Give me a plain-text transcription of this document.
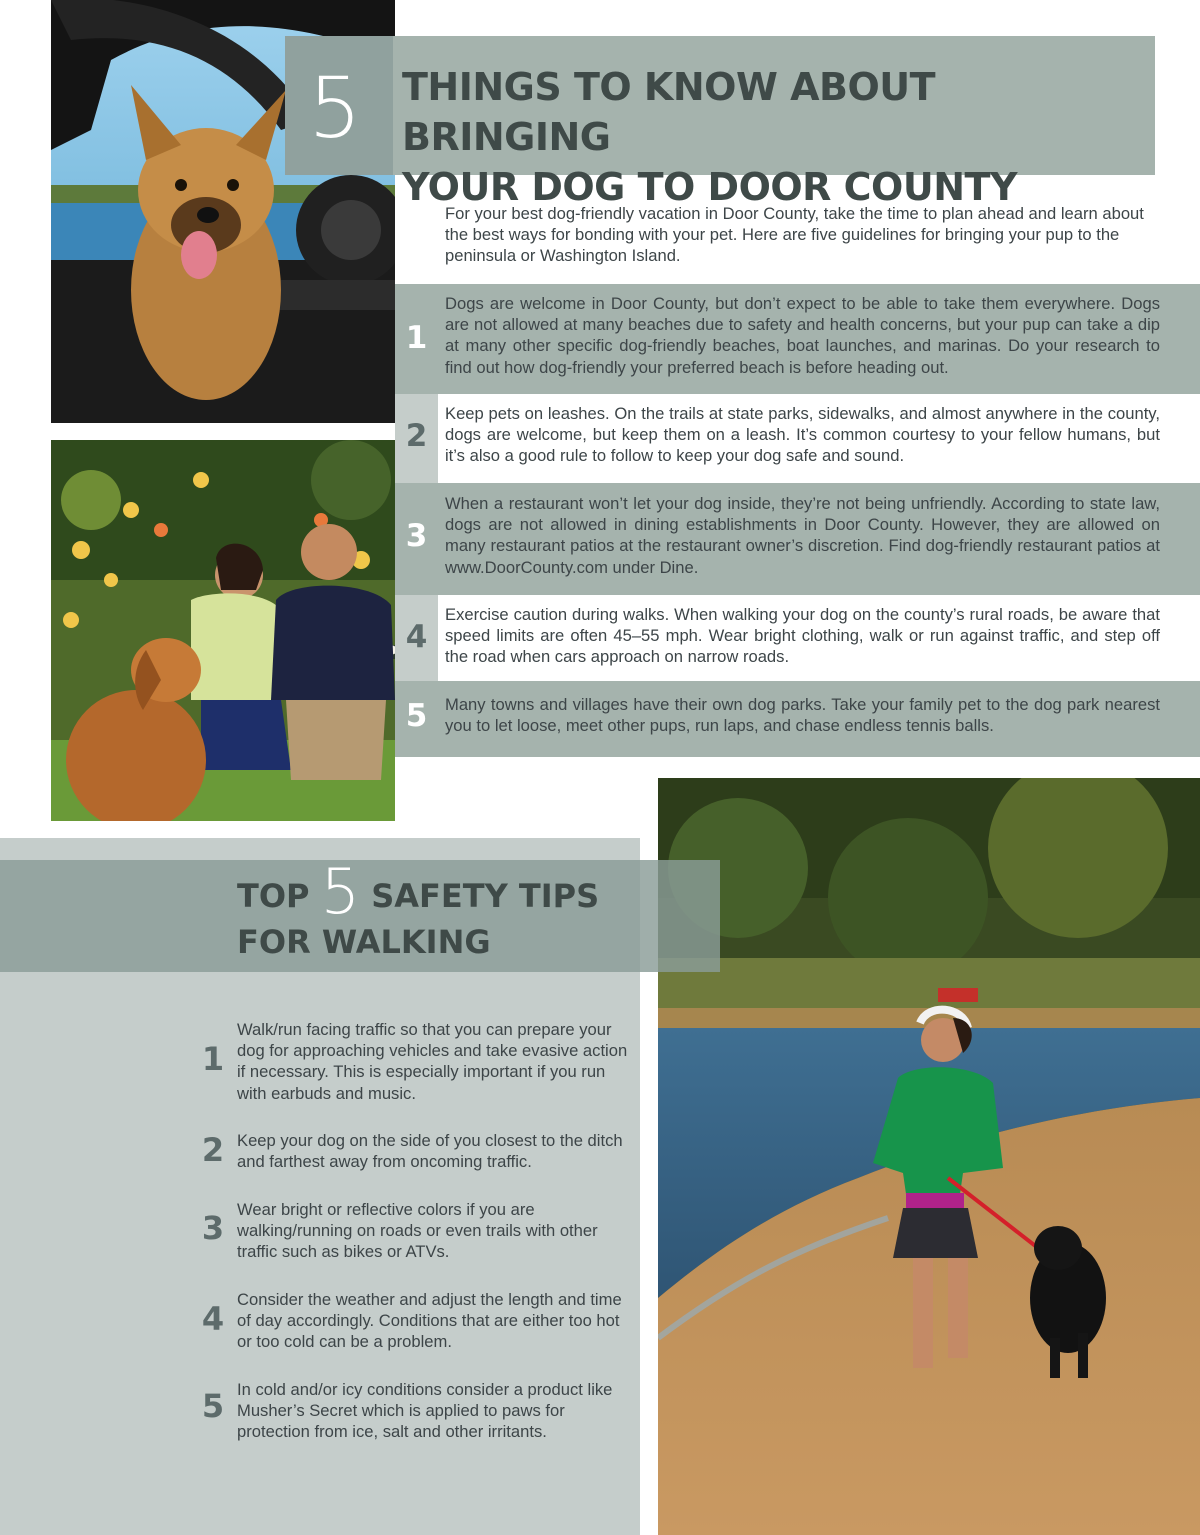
5	THINGS TO KNOW ABOUT BRINGING
YOUR DOG TO DOOR COUNTY
For your best dog-friendly vacation in Door County, take the time to plan ahead and learn about the best ways for bonding with your pet. Here are five guidelines for bringing your pup to the peninsula or Washington Island.
1
Dogs are welcome in Door County, but don’t expect to be able to take them everywhere. Dogs are not allowed at many beaches due to safety and health concerns, but your pup can take a dip at many other specific dog-friendly beaches, boat launches, and marinas. Do your research to find out how dog-friendly your preferred beach is before heading out.
2
Keep pets on leashes. On the trails at state parks, sidewalks, and almost anywhere in the county, dogs are welcome, but keep them on a leash. It’s common courtesy to your fellow humans, but it’s also a good rule to follow to keep your dog safe and sound.
3
When a restaurant won’t let your dog inside, they’re not being unfriendly. According to state law, dogs are not allowed in dining establishments in Door County. However, they are allowed on many restaurant patios at the restaurant owner’s discretion. Find dog-friendly restaurant patios at www.DoorCounty.com under Dine.
4
Exercise caution during walks. When walking your dog on the county’s rural roads, be aware that speed limits are often 45–55 mph. Wear bright clothing, walk or run against traffic, and step off the road when cars approach on narrow roads.
5	Many towns and villages have their own dog parks. Take your family pet to the dog park nearest you to let loose, meet other pups, run laps, and chase endless tennis balls.
TOP 5 SAFETY TIPS
FOR WALKING
1
Walk/run facing traffic so that you can prepare your dog for approaching vehicles and take evasive action if necessary. This is especially important if you run with earbuds and music.
2 Keep your dog on the side of you closest to the ditch and farthest away from oncoming traffic.
3 Wear bright or reflective colors if you are walking/running on roads or even trails with other traffic such as bikes or ATVs.
4
Consider the weather and adjust the length and time of day accordingly. Conditions that are either too hot or too cold can be a problem.
5 In cold and/or icy conditions consider a product like Musher’s Secret which is applied to paws for protection from ice, salt and other irritants.
